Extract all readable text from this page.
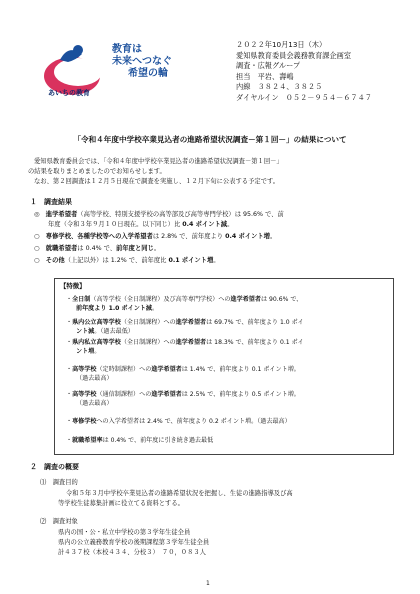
教育は
未来へつなぐ
希望の輪
あいちの教育
２０２２年10月13日（木）
愛知県教育委員会義務教育課企画室
調査・広報グループ
担当　平岩、壽嶋
内線　３８２４、３８２５
ダイヤルイン　０５２－９５４－６７４７
「令和４年度中学校卒業見込者の進路希望状況調査－第１回－」の結果について
愛知県教育委員会では、「令和４年度中学校卒業見込者の進路希望状況調査－第１回－」
の結果を取りまとめましたのでお知らせします。
なお、第２回調査は１２月５日現在で調査を実施し、１２月下旬に公表する予定です。
１　調査結果
◎　 進学希望者（高等学校、特別支援学校の高等部及び高等専門学校）は 95.6% で、前
年度（令和３年９月１０日現在。以下同じ）比 0.4 ポイント減。
○　 専修学校、各種学校等への入学希望者は 2.8% で、前年度より 0.4 ポイント増。
○　 就職希望者は 0.4% で、前年度と同じ。
○　 その他（上記以外）は 1.2% で、前年度比 0.1 ポイント増。
【特徴】
・全日制（高等学校（全日制課程）及び高等専門学校）への進学希望者は 90.6% で、
前年度より 1.0 ポイント減。
・県内公立高等学校（全日制課程）への進学希望者は 69.7% で、前年度より 1.0 ポイ
ント減。（過去最低）
・県内私立高等学校（全日制課程）への進学希望者は 18.3% で、前年度より 0.1 ポイ
ント増。
・高等学校（定時制課程）への進学希望者は 1.4% で、前年度より 0.1 ポイント増。
（過去最高）
・高等学校（通信制課程）への進学希望者は 2.5% で、前年度より 0.5 ポイント増。
（過去最高）
・専修学校への入学希望者は 2.4% で、前年度より 0.2 ポイント増。（過去最高）
・就職希望率は 0.4% で、前年度に引き続き過去最低
２　調査の概要
⑴　調査目的
令和５年３月中学校卒業見込者の進路希望状況を把握し、生徒の進路指導及び高
等学校生徒募集計画に役立てる資料とする。
⑵　調査対象
県内の国・公・私立中学校の第３学年生徒全員
県内の公立義務教育学校の後期課程第３学年生徒全員
計４３７校（本校４３４、分校３）　７０，０８３人
1
